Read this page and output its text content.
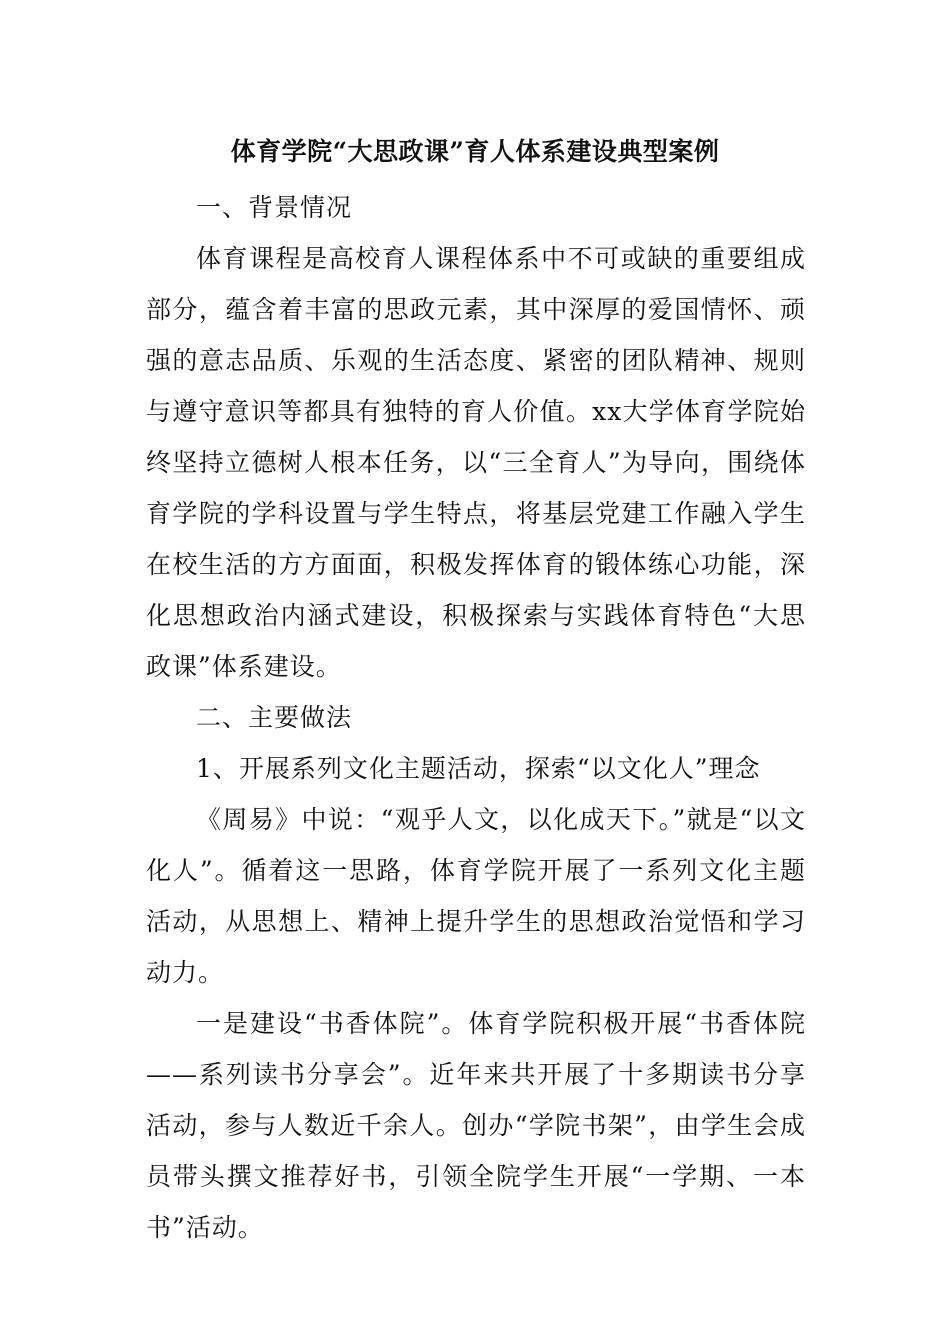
体育学院“大思政课”育人体系建设典型案例

一、背景情况

体育课程是高校育人课程体系中不可或缺的重要组成部分，蕴含着丰富的思政元素，其中深厚的爱国情怀、顽强的意志品质、乐观的生活态度、紧密的团队精神、规则与遵守意识等都具有独特的育人价值。xx大学体育学院始终坚持立德树人根本任务，以“三全育人”为导向，围绕体育学院的学科设置与学生特点，将基层党建工作融入学生在校生活的方方面面，积极发挥体育的锻体练心功能，深化思想政治内涵式建设，积极探索与实践体育特色“大思政课”体系建设。

二、主要做法

1、开展系列文化主题活动，探索“以文化人”理念

《周易》中说：“观乎人文，以化成天下。”就是“以文化人”。循着这一思路，体育学院开展了一系列文化主题活动，从思想上、精神上提升学生的思想政治觉悟和学习动力。

一是建设“书香体院”。体育学院积极开展“书香体院——系列读书分享会”。近年来共开展了十多期读书分享活动，参与人数近千余人。创办“学院书架”，由学生会成员带头撰文推荐好书，引领全院学生开展“一学期、一本书”活动。
